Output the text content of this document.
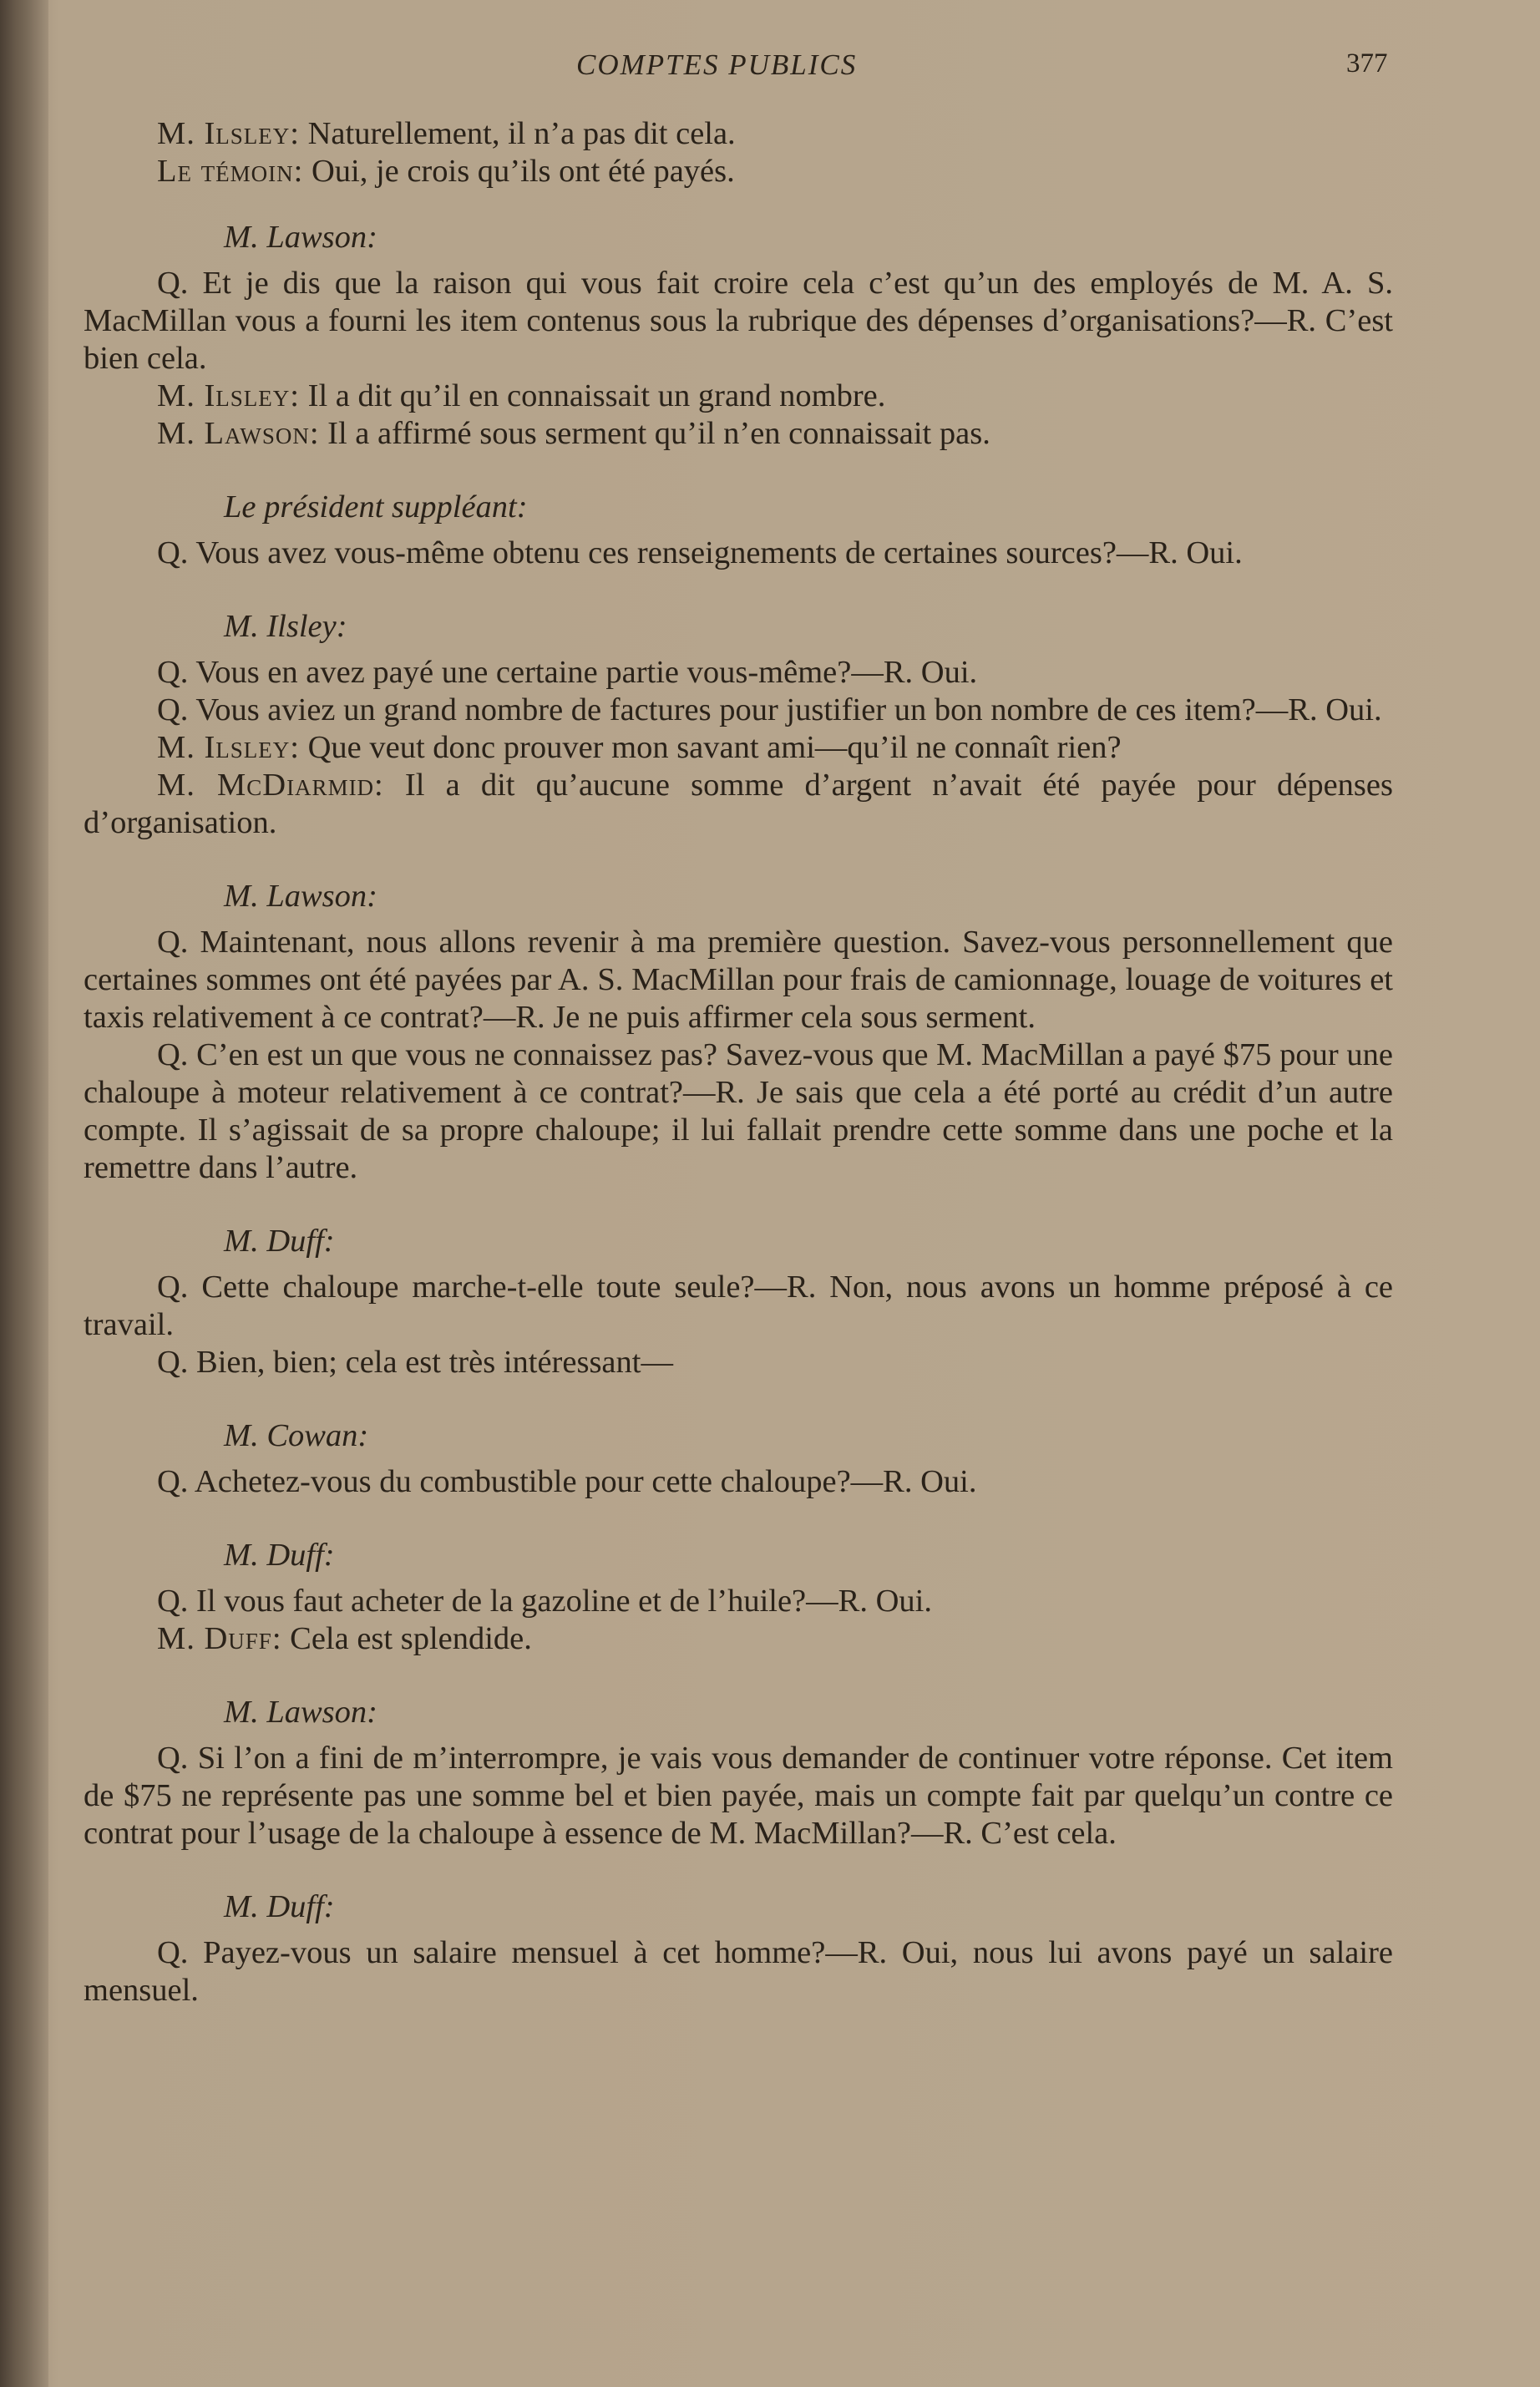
COMPTES PUBLICS	377

M. Ilsley: Naturellement, il n’a pas dit cela.

Le témoin: Oui, je crois qu’ils ont été payés.

M. Lawson:

Q. Et je dis que la raison qui vous fait croire cela c’est qu’un des employés de M. A. S. MacMillan vous a fourni les item contenus sous la rubrique des dépenses d’organisations?—R. C’est bien cela.

M. Ilsley: Il a dit qu’il en connaissait un grand nombre.

M. Lawson: Il a affirmé sous serment qu’il n’en connaissait pas.

Le président suppléant:

Q. Vous avez vous-même obtenu ces renseignements de certaines sources?—R. Oui.

M. Ilsley:

Q. Vous en avez payé une certaine partie vous-même?—R. Oui.

Q. Vous aviez un grand nombre de factures pour justifier un bon nombre de ces item?—R. Oui.

M. Ilsley: Que veut donc prouver mon savant ami—qu’il ne connaît rien?

M. McDiarmid: Il a dit qu’aucune somme d’argent n’avait été payée pour dépenses d’organisation.

M. Lawson:

Q. Maintenant, nous allons revenir à ma première question. Savez-vous personnellement que certaines sommes ont été payées par A. S. MacMillan pour frais de camionnage, louage de voitures et taxis relativement à ce contrat?—R. Je ne puis affirmer cela sous serment.

Q. C’en est un que vous ne connaissez pas? Savez-vous que M. MacMillan a payé $75 pour une chaloupe à moteur relativement à ce contrat?—R. Je sais que cela a été porté au crédit d’un autre compte. Il s’agissait de sa propre chaloupe; il lui fallait prendre cette somme dans une poche et la remettre dans l’autre.

M. Duff:

Q. Cette chaloupe marche-t-elle toute seule?—R. Non, nous avons un homme préposé à ce travail.

Q. Bien, bien; cela est très intéressant—

M. Cowan:

Q. Achetez-vous du combustible pour cette chaloupe?—R. Oui.

M. Duff:

Q. Il vous faut acheter de la gazoline et de l’huile?—R. Oui.

M. Duff: Cela est splendide.

M. Lawson:

Q. Si l’on a fini de m’interrompre, je vais vous demander de continuer votre réponse. Cet item de $75 ne représente pas une somme bel et bien payée, mais un compte fait par quelqu’un contre ce contrat pour l’usage de la chaloupe à essence de M. MacMillan?—R. C’est cela.

M. Duff:

Q. Payez-vous un salaire mensuel à cet homme?—R. Oui, nous lui avons payé un salaire mensuel.
